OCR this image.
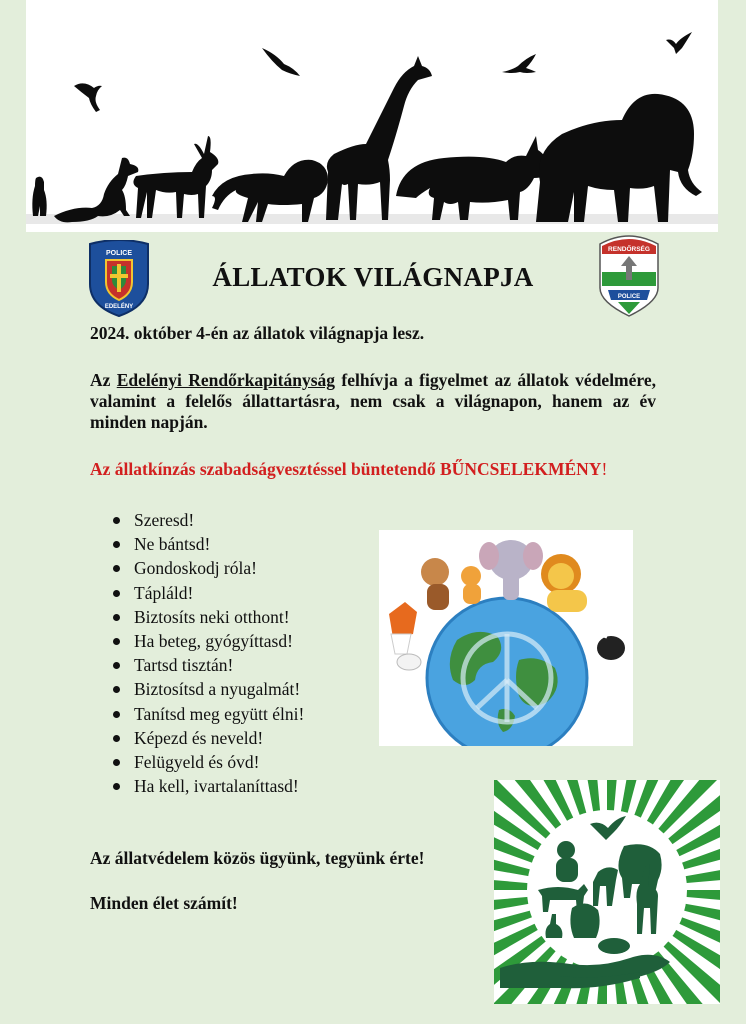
POLICE
EDELÉNY
ÁLLATOK VILÁGNAPJA
RENDŐRSÉG
POLICE

2024. október 4-én az állatok világnapja lesz.

Az Edelényi Rendőrkapitányság felhívja a figyelmet az állatok védelmére, valamint a felelős állattartásra, nem csak a világnapon, hanem az év minden napján.

Az állatkínzás szabadságvesztéssel büntetendő BŰNCSELEKMÉNY!

Szeresd!
Ne bántsd!
Gondoskodj róla!
Tápláld!
Biztosíts neki otthont!
Ha beteg, gyógyíttasd!
Tartsd tisztán!
Biztosítsd a nyugalmát!
Tanítsd meg együtt élni!
Képezd és neveld!
Felügyeld és óvd!
Ha kell, ivartalaníttasd!

Az állatvédelem közös ügyünk, tegyünk érte!

Minden élet számít!
